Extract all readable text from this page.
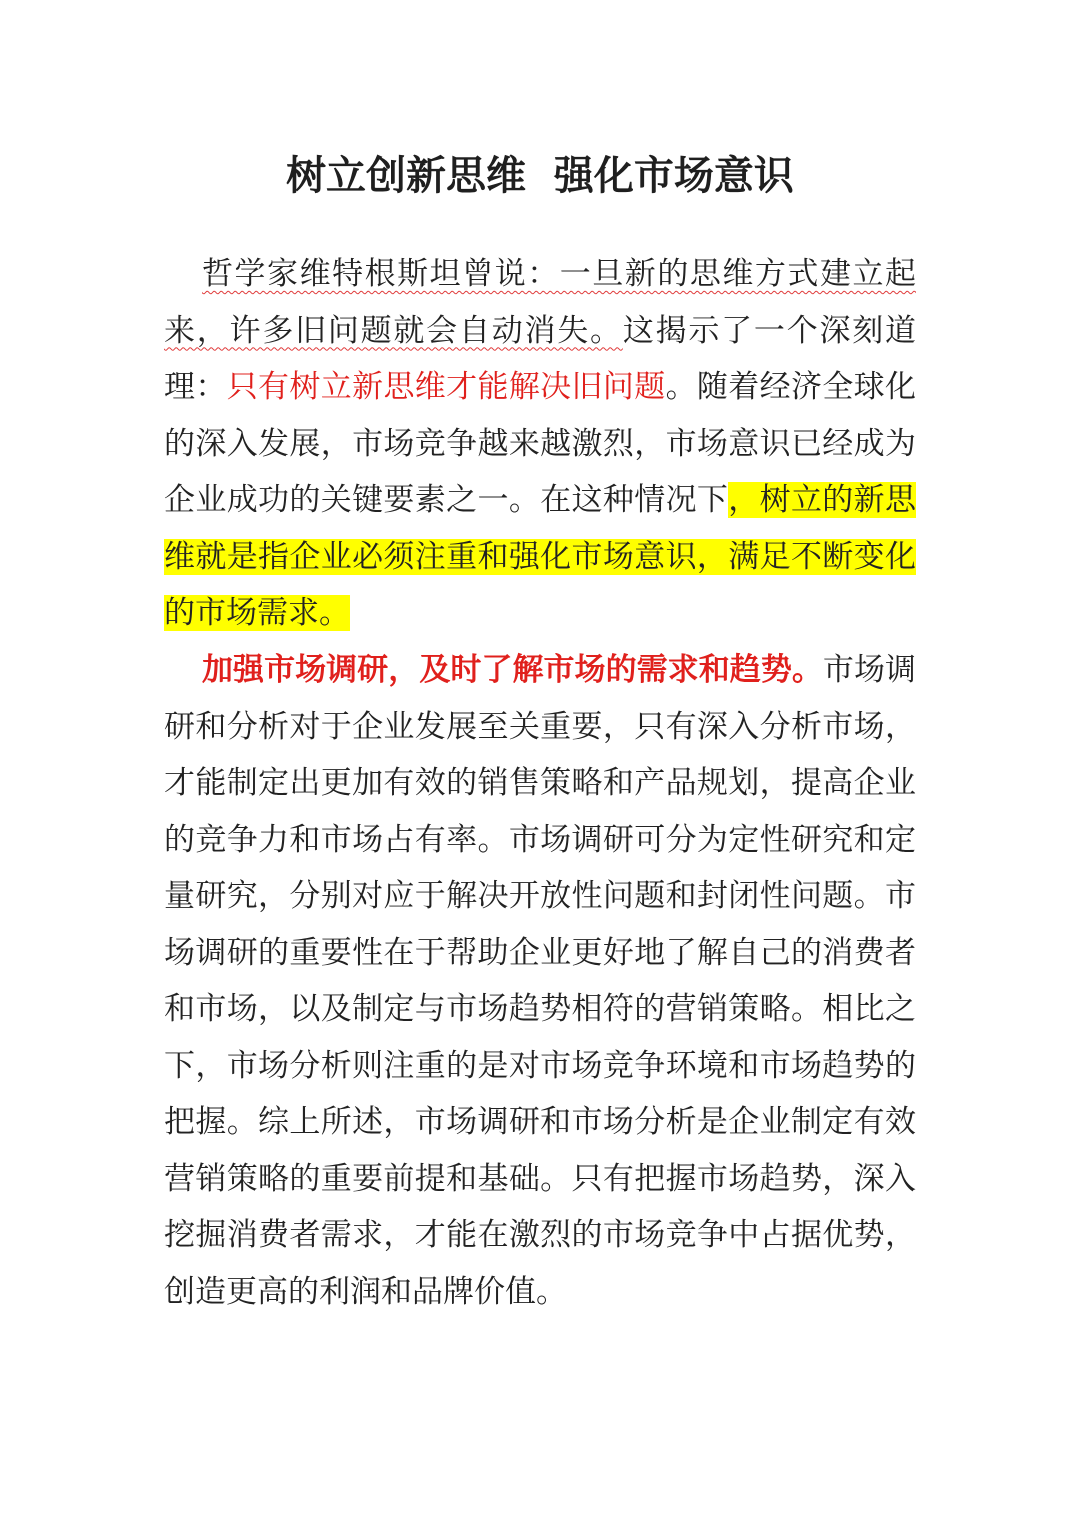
树立创新思维  强化市场意识

哲学家维特根斯坦曾说：一旦新的思维方式建立起来，许多旧问题就会自动消失。这揭示了一个深刻道理：只有树立新思维才能解决旧问题。随着经济全球化的深入发展，市场竞争越来越激烈，市场意识已经成为企业成功的关键要素之一。在这种情况下，树立的新思维就是指企业必须注重和强化市场意识，满足不断变化的市场需求。

加强市场调研，及时了解市场的需求和趋势。市场调研和分析对于企业发展至关重要，只有深入分析市场，才能制定出更加有效的销售策略和产品规划，提高企业的竞争力和市场占有率。市场调研可分为定性研究和定量研究，分别对应于解决开放性问题和封闭性问题。市场调研的重要性在于帮助企业更好地了解自己的消费者和市场，以及制定与市场趋势相符的营销策略。相比之下，市场分析则注重的是对市场竞争环境和市场趋势的把握。综上所述，市场调研和市场分析是企业制定有效营销策略的重要前提和基础。只有把握市场趋势，深入挖掘消费者需求，才能在激烈的市场竞争中占据优势，创造更高的利润和品牌价值。
